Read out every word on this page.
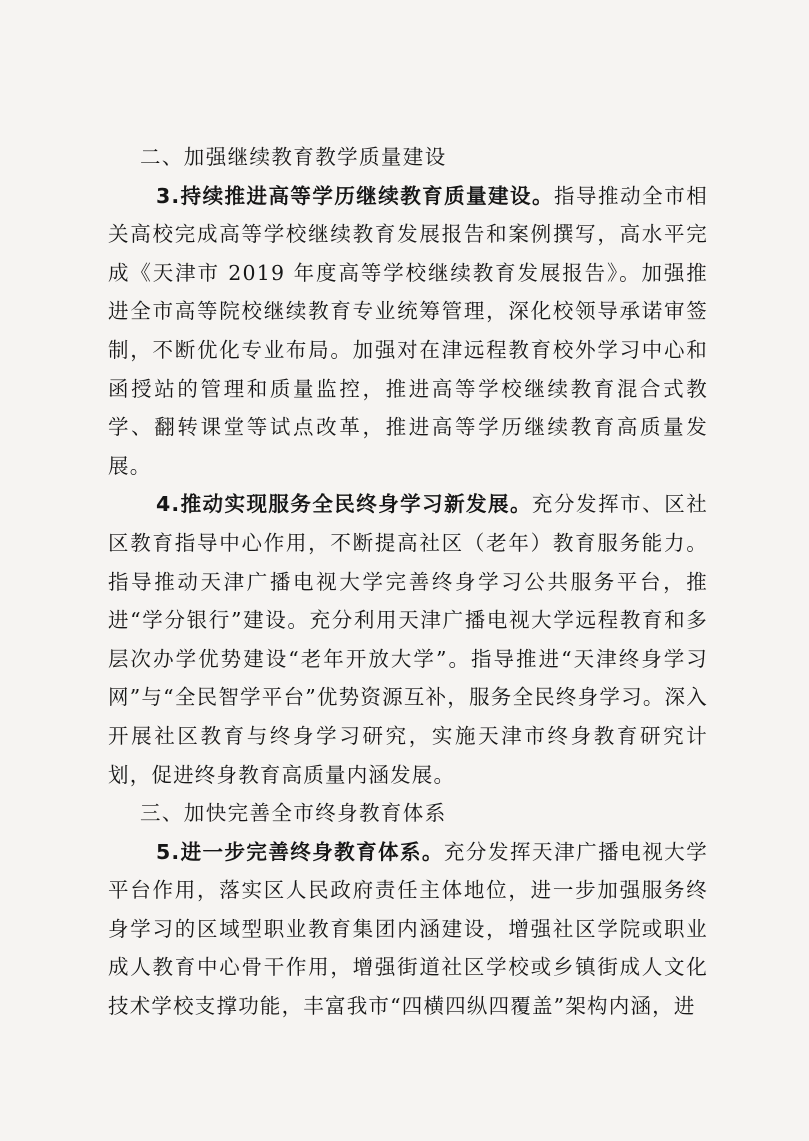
二、加强继续教育教学质量建设

3.持续推进高等学历继续教育质量建设。指导推动全市相关高校完成高等学校继续教育发展报告和案例撰写，高水平完成《天津市 2019 年度高等学校继续教育发展报告》。加强推进全市高等院校继续教育专业统筹管理，深化校领导承诺审签制，不断优化专业布局。加强对在津远程教育校外学习中心和函授站的管理和质量监控，推进高等学校继续教育混合式教学、翻转课堂等试点改革，推进高等学历继续教育高质量发展。

4.推动实现服务全民终身学习新发展。充分发挥市、区社区教育指导中心作用，不断提高社区（老年）教育服务能力。指导推动天津广播电视大学完善终身学习公共服务平台，推进“学分银行”建设。充分利用天津广播电视大学远程教育和多层次办学优势建设“老年开放大学”。指导推进“天津终身学习网”与“全民智学平台”优势资源互补，服务全民终身学习。深入开展社区教育与终身学习研究，实施天津市终身教育研究计划，促进终身教育高质量内涵发展。

三、加快完善全市终身教育体系

5.进一步完善终身教育体系。充分发挥天津广播电视大学平台作用，落实区人民政府责任主体地位，进一步加强服务终身学习的区域型职业教育集团内涵建设，增强社区学院或职业成人教育中心骨干作用，增强街道社区学校或乡镇街成人文化技术学校支撑功能，丰富我市“四横四纵四覆盖”架构内涵，进
